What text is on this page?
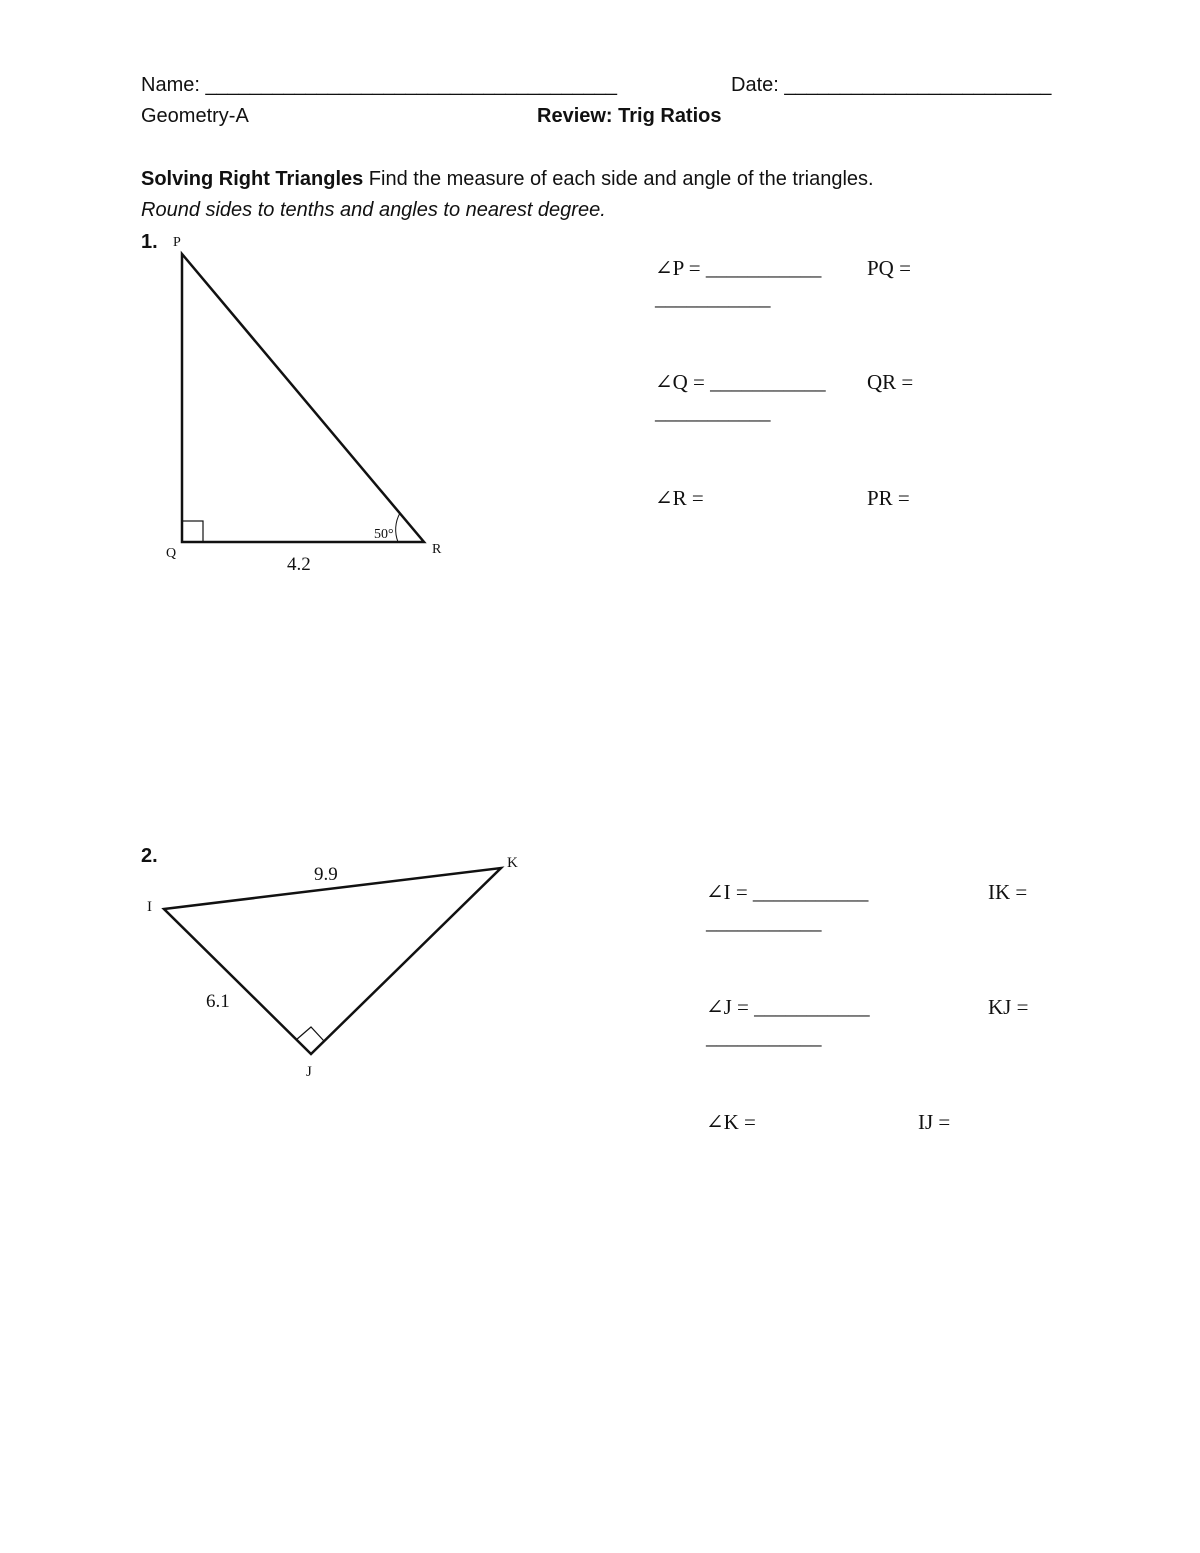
Name: _____________________________________	Date: ________________________
Geometry-A	Review: Trig Ratios
Solving Right Triangles Find the measure of each side and angle of the triangles.
Round sides to tenths and angles to nearest degree.
1. P
Q	R
4.2
50°
∠P = ___________ PQ =
___________
∠Q = ___________ QR =
___________
∠R =	PR =
2.
I
K
J
9.9
6.1
∠I = ___________	IK =
___________
∠J = ___________	KJ =
___________
∠K =	IJ =
